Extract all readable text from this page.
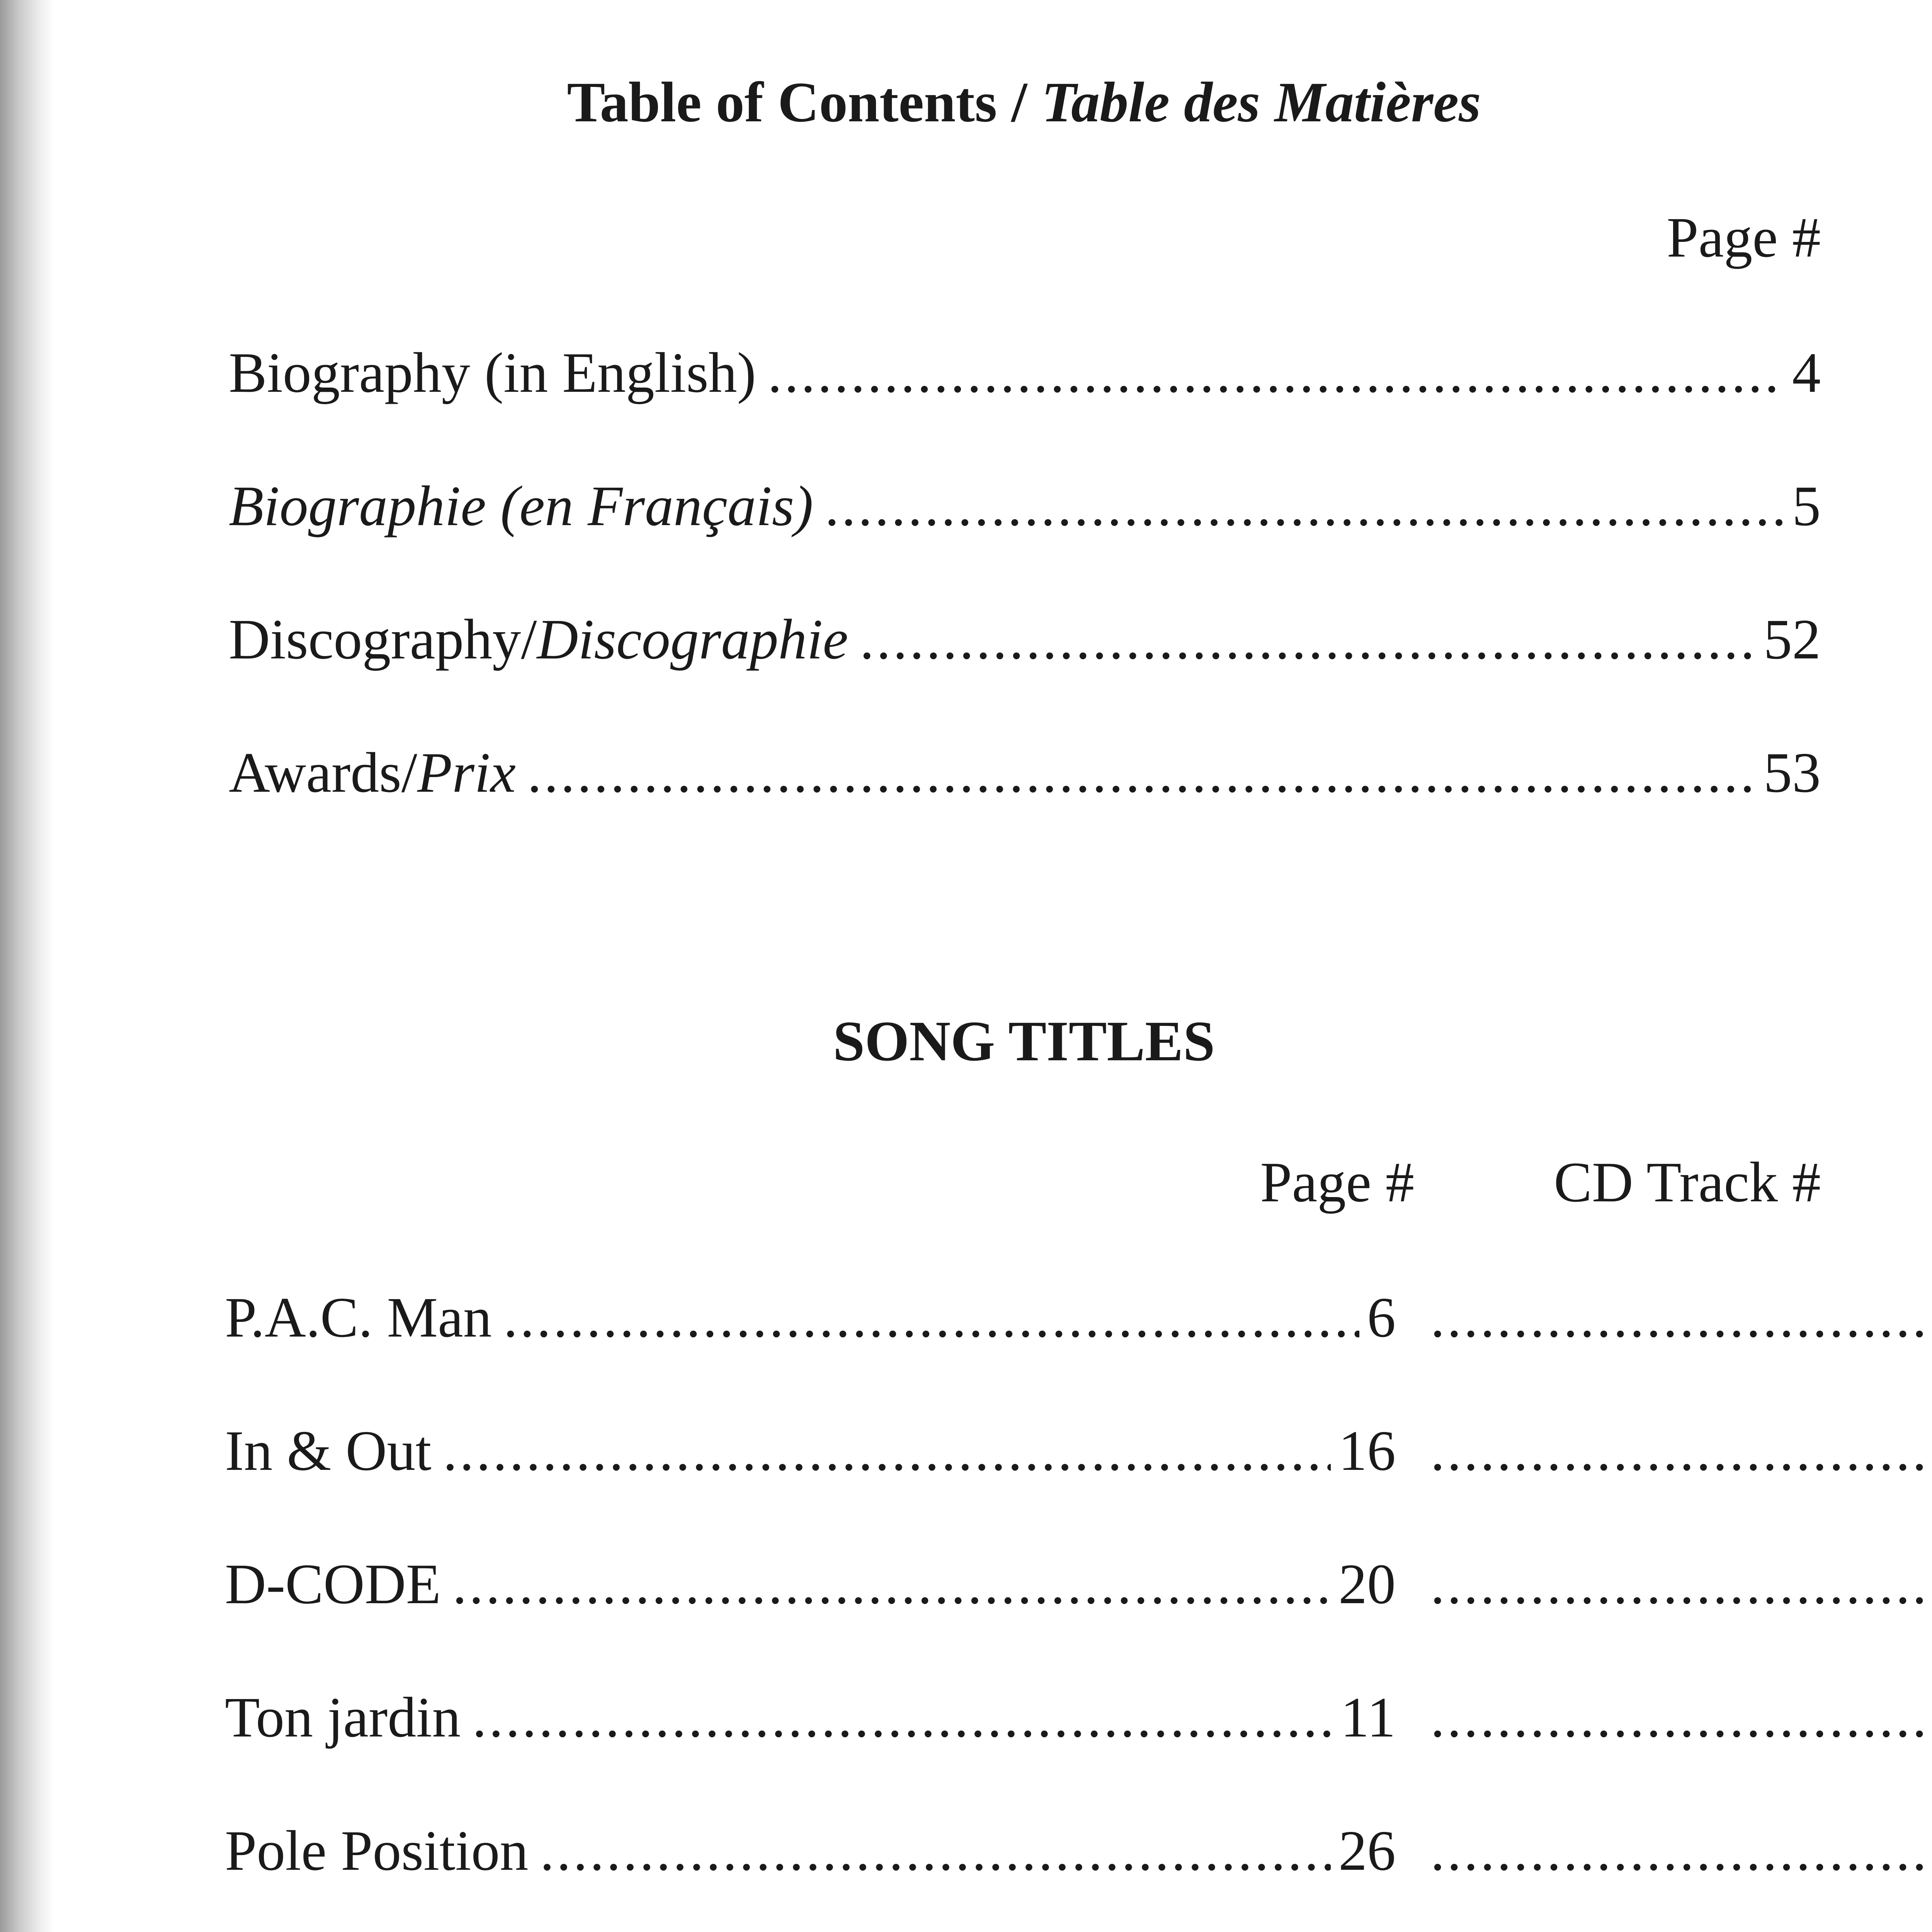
Table of Contents / Table des Matières
Page #
Biography (in English) .....	4
Biographie (en Français) .....	5
Discography/Discographie .....	52
Awards/Prix .....	53
SONG TITLES
Page #	CD Track #
P.A.C. Man .....	6
.....
In & Out .....	16
.....
D-CODE .....	20
.....
Ton jardin .....	11
.....
Pole Position .....	26
.....
